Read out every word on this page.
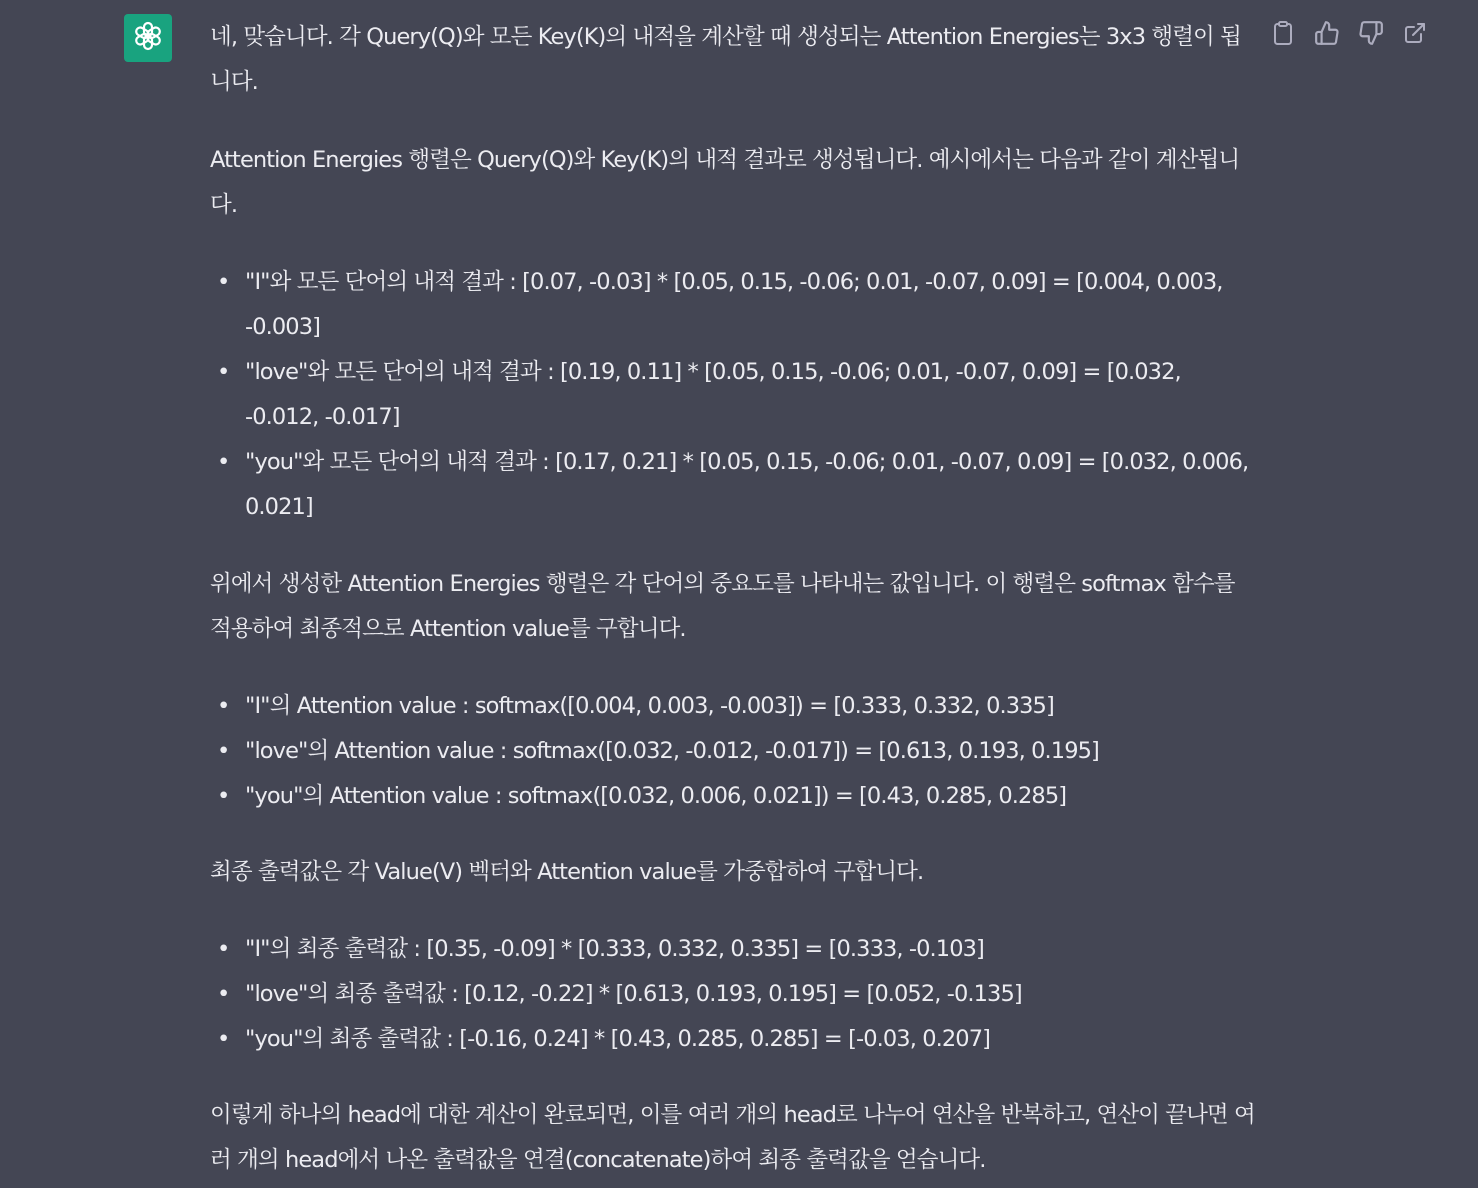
네, 맞습니다. 각 Query(Q)와 모든 Key(K)의 내적을 계산할 때 생성되는 Attention Energies는 3x3 행렬이 됩니다.

Attention Energies 행렬은 Query(Q)와 Key(K)의 내적 결과로 생성됩니다. 예시에서는 다음과 같이 계산됩니다.

• "I"와 모든 단어의 내적 결과 : [0.07, -0.03] * [0.05, 0.15, -0.06; 0.01, -0.07, 0.09] = [0.004, 0.003, -0.003]
• "love"와 모든 단어의 내적 결과 : [0.19, 0.11] * [0.05, 0.15, -0.06; 0.01, -0.07, 0.09] = [0.032, -0.012, -0.017]
• "you"와 모든 단어의 내적 결과 : [0.17, 0.21] * [0.05, 0.15, -0.06; 0.01, -0.07, 0.09] = [0.032, 0.006, 0.021]

위에서 생성한 Attention Energies 행렬은 각 단어의 중요도를 나타내는 값입니다. 이 행렬은 softmax 함수를 적용하여 최종적으로 Attention value를 구합니다.

• "I"의 Attention value : softmax([0.004, 0.003, -0.003]) = [0.333, 0.332, 0.335]
• "love"의 Attention value : softmax([0.032, -0.012, -0.017]) = [0.613, 0.193, 0.195]
• "you"의 Attention value : softmax([0.032, 0.006, 0.021]) = [0.43, 0.285, 0.285]

최종 출력값은 각 Value(V) 벡터와 Attention value를 가중합하여 구합니다.

• "I"의 최종 출력값 : [0.35, -0.09] * [0.333, 0.332, 0.335] = [0.333, -0.103]
• "love"의 최종 출력값 : [0.12, -0.22] * [0.613, 0.193, 0.195] = [0.052, -0.135]
• "you"의 최종 출력값 : [-0.16, 0.24] * [0.43, 0.285, 0.285] = [-0.03, 0.207]

이렇게 하나의 head에 대한 계산이 완료되면, 이를 여러 개의 head로 나누어 연산을 반복하고, 연산이 끝나면 여러 개의 head에서 나온 출력값을 연결(concatenate)하여 최종 출력값을 얻습니다.
